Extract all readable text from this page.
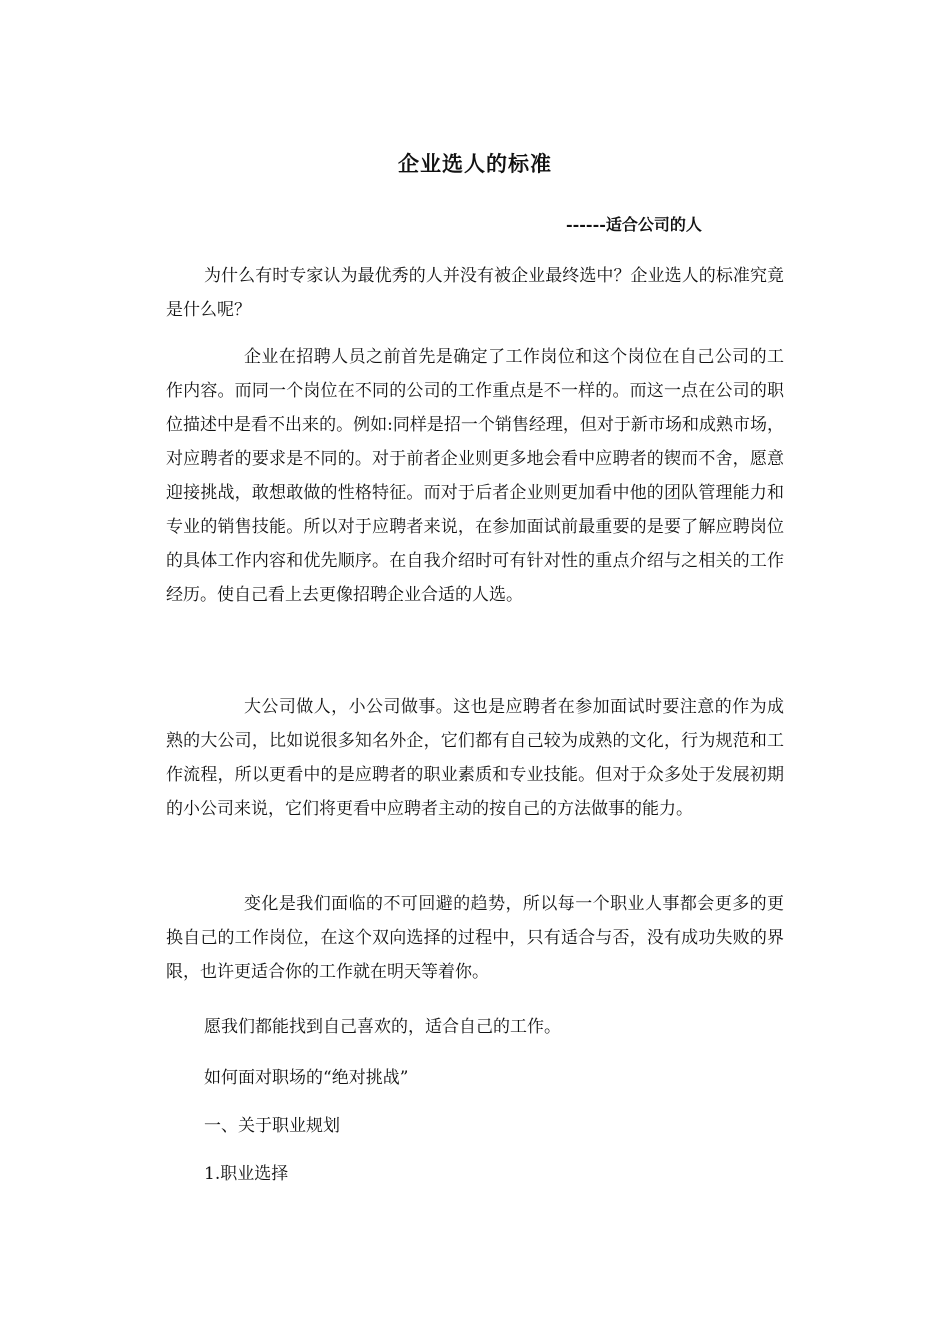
企业选人的标准

------适合公司的人

为什么有时专家认为最优秀的人并没有被企业最终选中？企业选人的标准究竟是什么呢？

企业在招聘人员之前首先是确定了工作岗位和这个岗位在自己公司的工作内容。而同一个岗位在不同的公司的工作重点是不一样的。而这一点在公司的职位描述中是看不出来的。例如:同样是招一个销售经理，但对于新市场和成熟市场，对应聘者的要求是不同的。对于前者企业则更多地会看中应聘者的锲而不舍，愿意迎接挑战，敢想敢做的性格特征。而对于后者企业则更加看中他的团队管理能力和专业的销售技能。所以对于应聘者来说，在参加面试前最重要的是要了解应聘岗位的具体工作内容和优先顺序。在自我介绍时可有针对性的重点介绍与之相关的工作经历。使自己看上去更像招聘企业合适的人选。

大公司做人，小公司做事。这也是应聘者在参加面试时要注意的作为成熟的大公司，比如说很多知名外企，它们都有自己较为成熟的文化，行为规范和工作流程，所以更看中的是应聘者的职业素质和专业技能。但对于众多处于发展初期的小公司来说，它们将更看中应聘者主动的按自己的方法做事的能力。

变化是我们面临的不可回避的趋势，所以每一个职业人事都会更多的更换自己的工作岗位，在这个双向选择的过程中，只有适合与否，没有成功失败的界限，也许更适合你的工作就在明天等着你。

愿我们都能找到自己喜欢的，适合自己的工作。

如何面对职场的“绝对挑战”

一、关于职业规划

1.职业选择
